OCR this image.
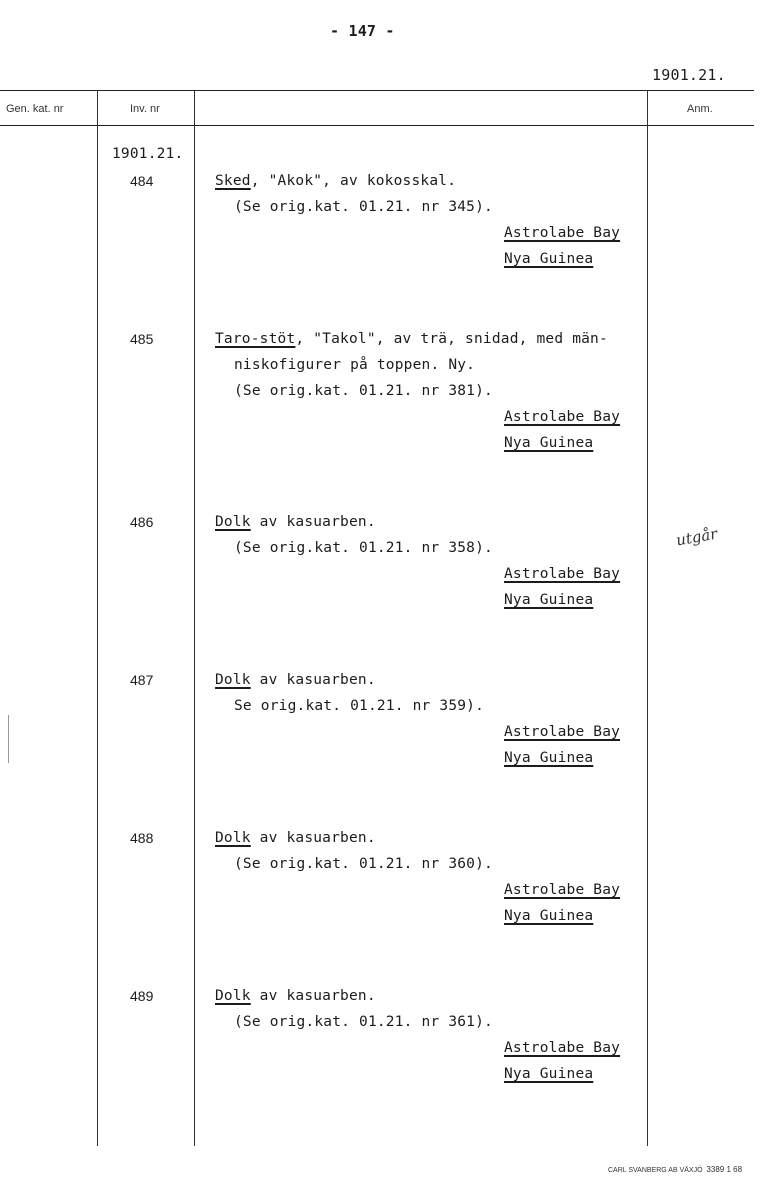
- 147 -
1901.21.
Gen. kat. nr	Inv. nr	Anm.
1901.21.
484	Sked, "Akok", av kokosskal.
(Se orig.kat. 01.21. nr 345).
Astrolabe Bay
Nya Guinea
485	Taro-stöt, "Takol", av trä, snidad, med män-
niskofigurer på toppen. Ny.
(Se orig.kat. 01.21. nr 381).
Astrolabe Bay
Nya Guinea
486	Dolk av kasuarben.
(Se orig.kat. 01.21. nr 358).
Astrolabe Bay
Nya Guinea
utgår
487	Dolk av kasuarben.
Se orig.kat. 01.21. nr 359).
Astrolabe Bay
Nya Guinea
488	Dolk av kasuarben.
(Se orig.kat. 01.21. nr 360).
Astrolabe Bay
Nya Guinea
489	Dolk av kasuarben.
(Se orig.kat. 01.21. nr 361).
Astrolabe Bay
Nya Guinea
CARL SVANBERG AB VÄXJÖ 3389 1 68
